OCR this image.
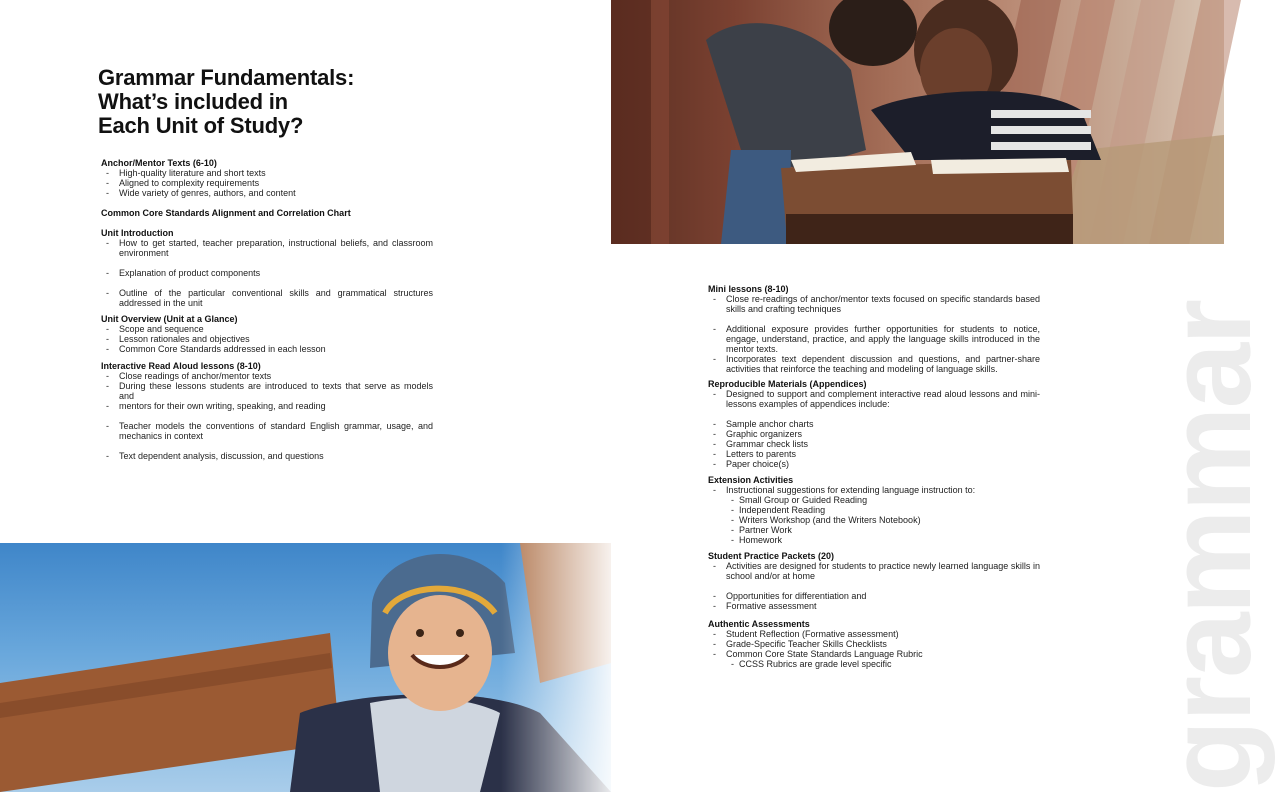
Grammar Fundamentals:
What’s included in
Each Unit of Study?
Anchor/Mentor Texts (6-10)
- High-quality literature and short texts
- Aligned to complexity requirements
- Wide variety of genres, authors, and content
Common Core Standards Alignment and Correlation Chart
Unit Introduction
- How to get started, teacher preparation, instructional beliefs, and classroom environment
- Explanation of product components
- Outline of the particular conventional skills and grammatical structures addressed in the unit
Unit Overview (Unit at a Glance)
- Scope and sequence
- Lesson rationales and objectives
- Common Core Standards addressed in each lesson
Interactive Read Aloud lessons (8-10)
- Close readings of anchor/mentor texts
- During these lessons students are introduced to texts that serve as models and
- mentors for their own writing, speaking, and reading
- Teacher models the conventions of standard English grammar, usage, and mechanics in context
- Text dependent analysis, discussion, and questions	grammar
Mini lessons (8-10)
- Close re-readings of anchor/mentor texts focused on specific standards based skills and crafting techniques
- Additional exposure provides further opportunities for students to notice, engage, understand, practice, and apply the language skills introduced in the mentor texts.
- Incorporates text dependent discussion and questions, and partner-share activities that reinforce the teaching and modeling of language skills.
Reproducible Materials (Appendices)
- Designed to support and complement interactive read aloud lessons and mini-lessons examples of appendices include:
- Sample anchor charts
- Graphic organizers
- Grammar check lists
- Letters to parents
- Paper choice(s)
Extension Activities
- Instructional suggestions for extending language instruction to:
- Small Group or Guided Reading
- Independent Reading
- Writers Workshop (and the Writers Notebook)
- Partner Work
- Homework
Student Practice Packets (20)
- Activities are designed for students to practice newly learned language skills in school and/or at home
- Opportunities for differentiation and
- Formative assessment
Authentic Assessments
- Student Reflection (Formative assessment)
- Grade-Specific Teacher Skills Checklists
- Common Core State Standards Language Rubric
- CCSS Rubrics are grade level specific
